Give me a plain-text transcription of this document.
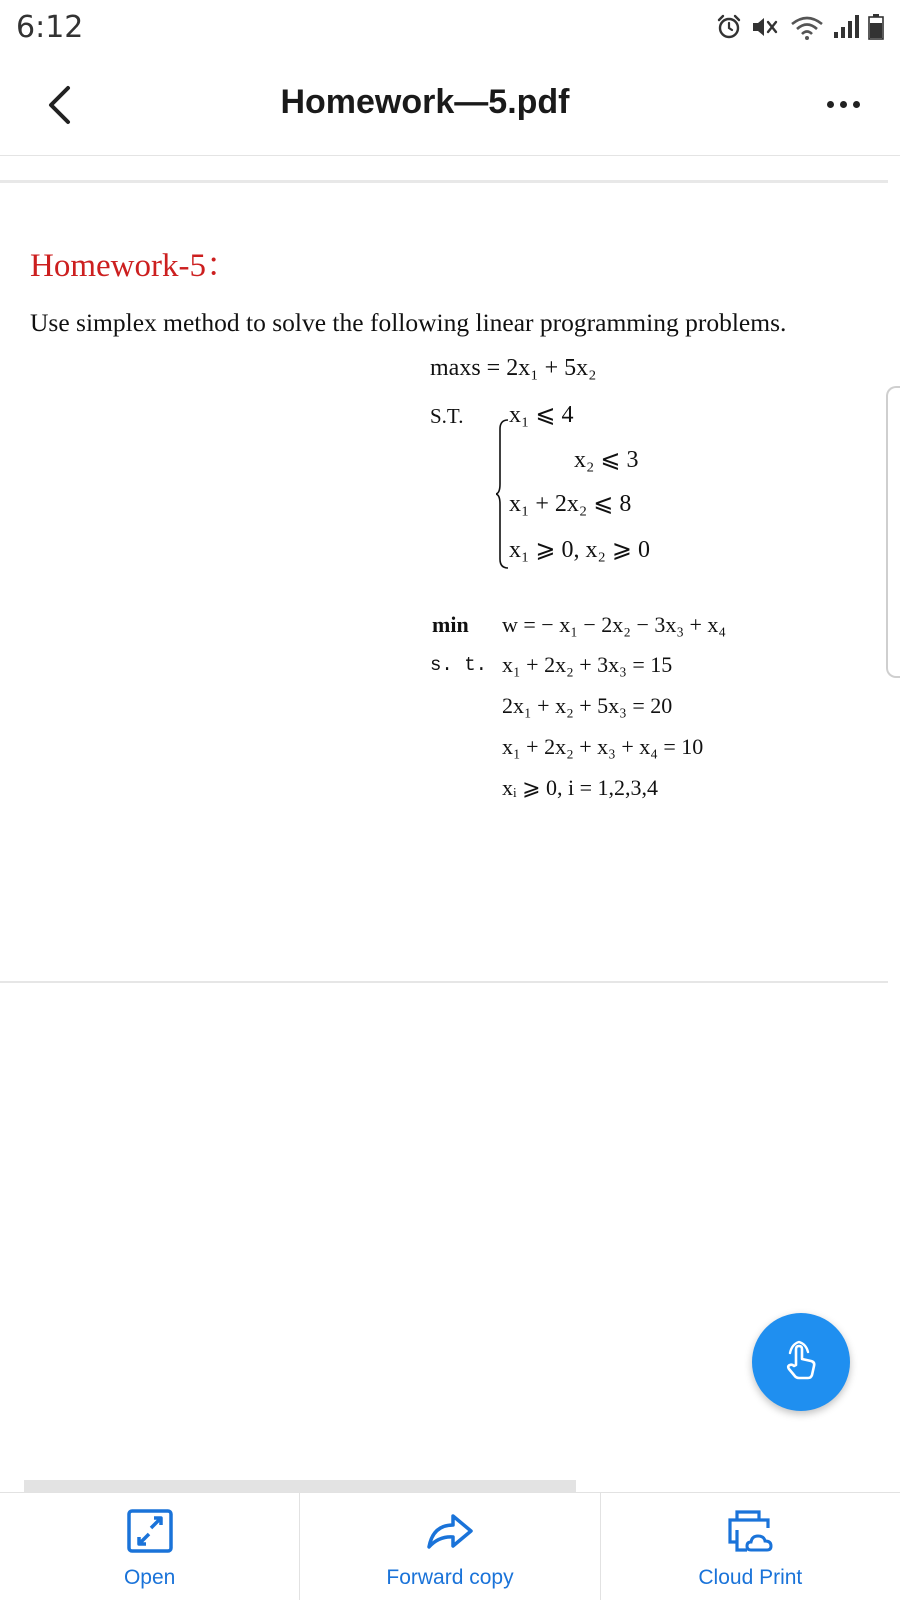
6:12
Homework—5.pdf
Homework-5：
Use simplex method to solve the following linear programming problems.
maxs = 2x₁ + 5x₂
S.T. x₁ ⩽ 4
x₂ ⩽ 3
x₁ + 2x₂ ⩽ 8
x₁ ⩾ 0, x₂ ⩾ 0
min w = − x₁ − 2x₂ − 3x₃ + x₄
s. t. x₁ + 2x₂ + 3x₃ = 15
2x₁ + x₂ + 5x₃ = 20
x₁ + 2x₂ + x₃ + x₄ = 10
xᵢ ⩾ 0, i = 1,2,3,4
Open	Forward copy	Cloud Print
